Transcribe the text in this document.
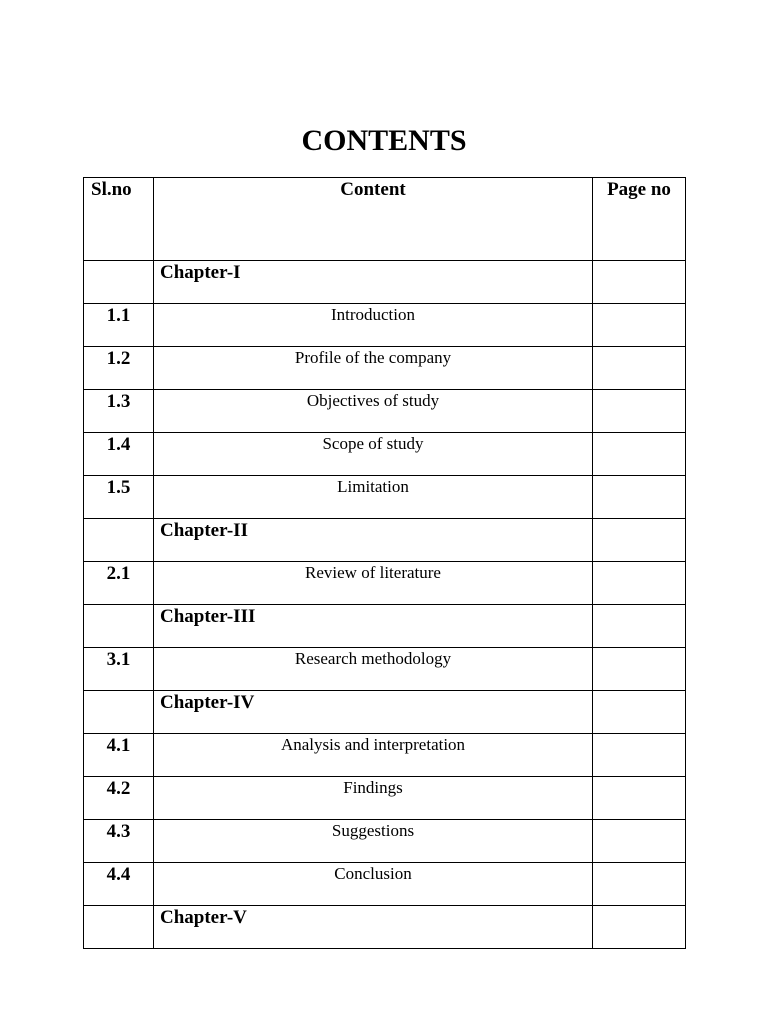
CONTENTS
Sl.no	Content	Page no
	Chapter-I	
1.1	Introduction	
1.2	Profile of the company	
1.3	Objectives of study	
1.4	Scope of study	
1.5	Limitation	
	Chapter-II	
2.1	Review of literature	
	Chapter-III	
3.1	Research methodology	
	Chapter-IV	
4.1	Analysis and interpretation	
4.2	Findings	
4.3	Suggestions	
4.4	Conclusion	
	Chapter-V	
